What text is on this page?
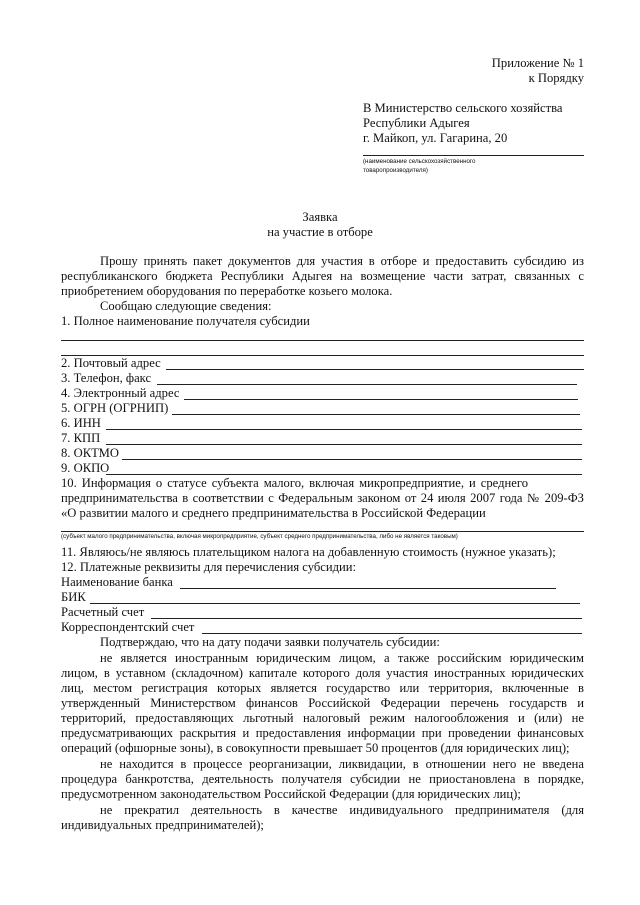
Приложение № 1
к Порядку
В Министерство сельского хозяйства
Республики Адыгея
г. Майкоп, ул. Гагарина, 20
(наименование сельскохозяйственного
товаропроизводителя)
Заявка
на участие в отборе
Прошу принять пакет документов для участия в отборе и предоставить субсидию из
республиканского бюджета Республики Адыгея на возмещение части затрат, связанных с
приобретением оборудования по переработке козьего молока.
Сообщаю следующие сведения:
1. Полное наименование получателя субсидии
2. Почтовый адрес
3. Телефон, факс
4. Электронный адрес
5. ОГРН (ОГРНИП)
6. ИНН
7. КПП
8. ОКТМО
9. ОКПО
10. Информация о статусе субъекта малого, включая микропредприятие, и среднего
предпринимательства в соответствии с Федеральным законом от 24 июля 2007 года № 209-ФЗ
«О развитии малого и среднего предпринимательства в Российской Федерации
(субъект малого предпринимательства, включая микропредприятие, субъект среднего предпринимательства, либо не является таковым)
11. Являюсь/не являюсь плательщиком налога на добавленную стоимость (нужное указать);
12. Платежные реквизиты для перечисления субсидии:
Наименование банка
БИК
Расчетный счет
Корреспондентский счет
Подтверждаю, что на дату подачи заявки получатель субсидии:
не является иностранным юридическим лицом, а также российским юридическим
лицом, в уставном (складочном) капитале которого доля участия иностранных юридических
лиц, местом регистрация которых является государство или территория, включенные в
утвержденный Министерством финансов Российской Федерации перечень государств и
территорий, предоставляющих льготный налоговый режим налогообложения и (или) не
предусматривающих раскрытия и предоставления информации при проведении финансовых
операций (офшорные зоны), в совокупности превышает 50 процентов (для юридических лиц);
не находится в процессе реорганизации, ликвидации, в отношении него не введена
процедура банкротства, деятельность получателя субсидии не приостановлена в порядке,
предусмотренном законодательством Российской Федерации (для юридических лиц);
не прекратил деятельность в качестве индивидуального предпринимателя (для
индивидуальных предпринимателей);
